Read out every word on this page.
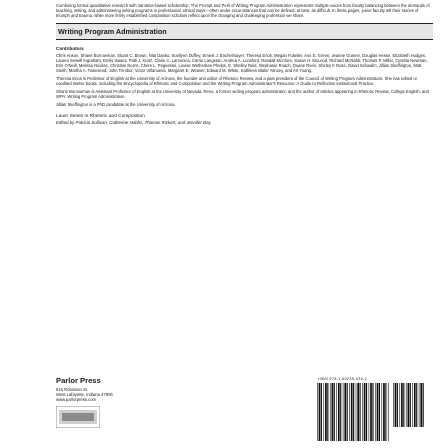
Combining formal quantitative research with narrative-based scholarship, The Prompt and Peril of Writing Program Administration represents multiple voices from faculty balancing between the demands of teaching, writing, and administering writing programs in professional, ethical ways—often under circumstances that can be defined, at best, as difficult. In these pages, junior faculty tell their stories of triumph and trauma, while more firmly established composition scholars reflect upon the changing and challenging profession we share.
Writing Program Administration
Contributors
Chris Anson, Shane Borrowman, Stuart C. Brown, Nita Danko, Suellynn Duffey, Ernest J. Enchelmayer, Theresa Enos, Megan Fulwiler, Ann E. Green, Jeanne Gunner, Douglas Hesse, Elizabeth Hodges, Lauren Sewell Ingraham, Emily Isaacs, Patti J. Kurtz, Claire C. Lamonica, Carrie Langston, Andrea A. Lunsford, Randall McClure, Susan H. McLeod, Richard McNabb, Thomas P. Miller, Cynthia Newman, Erin O'Neill, Melissa Nicolas, Christine Norris, Chere L. Peguesse, Louise Wetherbee Phelps, E. Shelley Reid, Stephanie Roach, Duane Roen, Shirley K Rose, David Schwalm, Jillian Skeffington, Matt Smith, Martha A. Townsend, John Trimbur, Victor Villanueva, Margaret E. Weaver, Edward M. White, Kathleen Blake Yancey, and Art Young.

Theresa Enos is Professor of English at the University of Arizona, the founder and editor of Rhetoric Review, and a past president of the Council of Writing Program Administrators. She has edited or coedited twelve books, including the Encyclopedia of Rhetoric and Composition and the Writing Program Administrator's Resource: A Guide to Reflective Institutional Practice.

Shane Borrowman is Assistant Professor of English at the University of Nevada, Reno, a former writing program administrator, and the author of articles appearing in Rhetoric Review, College English, and WPA: Writing Program Administration.

Jillian Skeffington is a PhD candidate at the University of Arizona.

Lauer Series in Rhetoric and Composition
Edited by Patricia Sullivan, Catherine Hobbs, Thomas Rickert, and Jennifer Bay
Parlor Press
816 Robinson St.
West Lafayette, Indiana 47906
www.parlorpress.com
ISBN 978-1-60235-033-2
